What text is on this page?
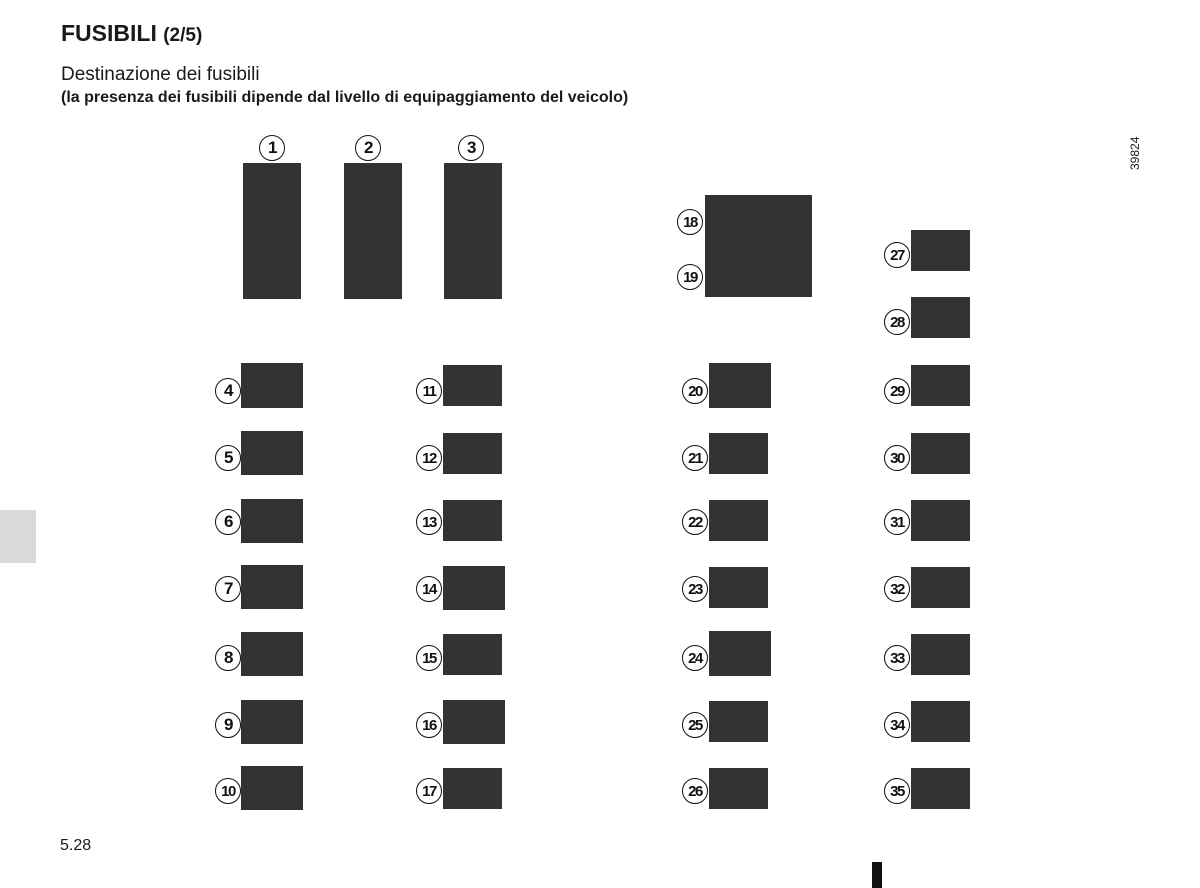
FUSIBILI (2/5)
Destinazione dei fusibili

(la presenza dei fusibili dipende dal livello di equipaggiamento del veicolo)

39824
1	2	3
4
5
6
7
8
9
10
11
12
13
14
15
16
17
18
19
20
21
22
23
24
25
26
27
28
29
30
31
32
33
34
35
5.28
